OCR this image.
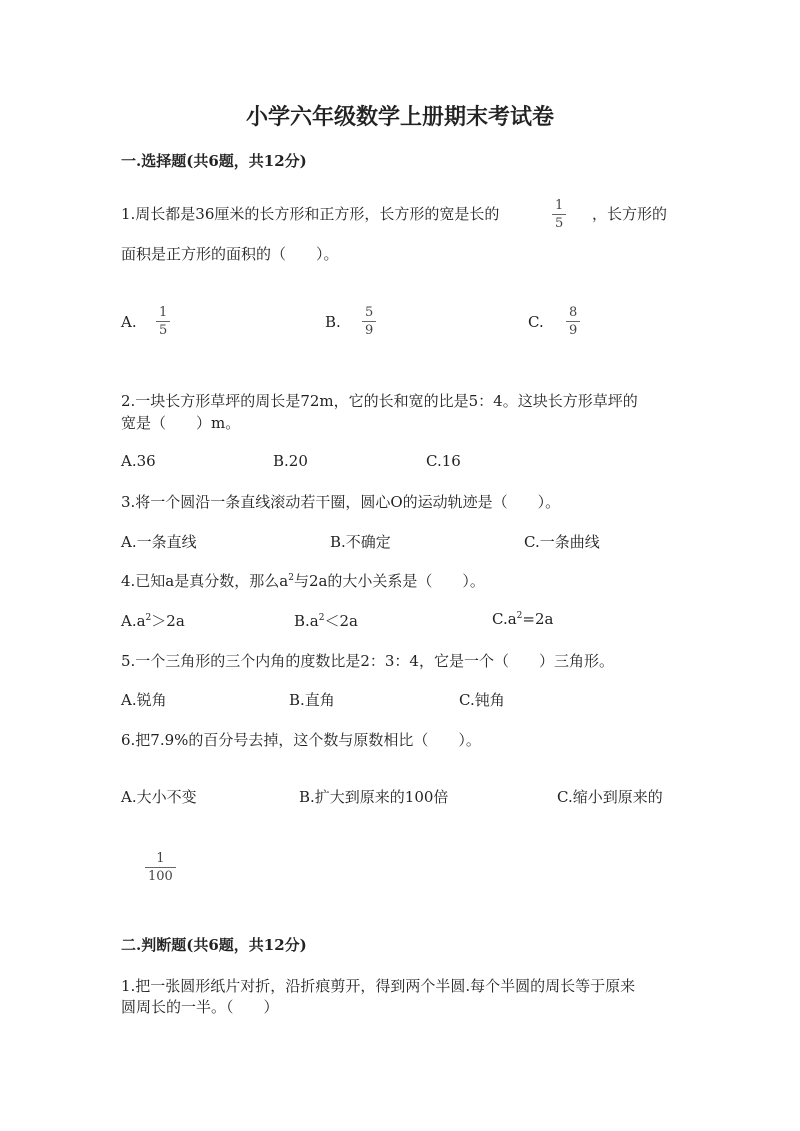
小学六年级数学上册期末考试卷
一.选择题(共6题，共12分)
1.周长都是36厘米的长方形和正方形，长方形的宽是长的	1
5
，长方形的
面积是正方形的面积的（　　）。
A.
1
5	B.
5
9	C.
8
9
2.一块长方形草坪的周长是72m，它的长和宽的比是5：4。这块长方形草坪的
宽是（　　）m。
A.36	B.20	C.16
3.将一个圆沿一条直线滚动若干圈，圆心O的运动轨迹是（　　）。
A.一条直线	B.不确定	C.一条曲线
4.已知a是真分数，那么$a^2$与2a的大小关系是（　　）。
$A.a^2>2a$	$B.a^2<2a$	$C.a^2=2a$
5.一个三角形的三个内角的度数比是2：3：4，它是一个（　　）三角形。
A.锐角	B.直角	C.钝角
6.把7.9%的百分号去掉，这个数与原数相比（　　）。
A.大小不变	B.扩大到原来的100倍	C.缩小到原来的
1
100
二.判断题(共6题，共12分)
1.把一张圆形纸片对折，沿折痕剪开，得到两个半圆.每个半圆的周长等于原来
圆周长的一半。（　　）
